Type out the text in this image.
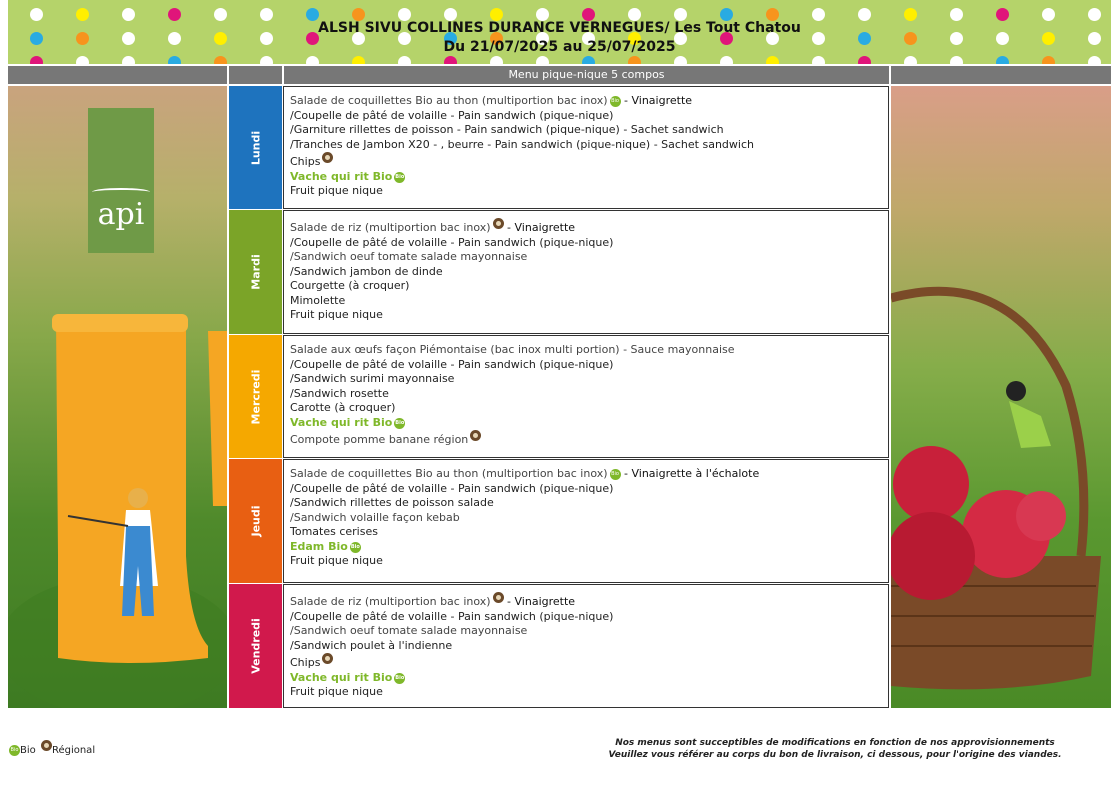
ALSH SIVU COLLINES DURANCE VERNEGUES/ Les Tout Chatou
Du 21/07/2025 au 25/07/2025
Menu pique-nique 5 compos
api
Lundi
Salade de coquillettes Bio au thon (multiportion bac inox) Bio - Vinaigrette
/Coupelle de pâté de volaille - Pain sandwich (pique-nique)
/Garniture rillettes de poisson - Pain sandwich (pique-nique) - Sachet sandwich
/Tranches de Jambon X20 - , beurre - Pain sandwich (pique-nique) - Sachet sandwich
Chips
Vache qui rit Bio Bio
Fruit pique nique
Mardi
Salade de riz (multiportion bac inox) - Vinaigrette
/Coupelle de pâté de volaille - Pain sandwich (pique-nique)
/Sandwich oeuf tomate salade mayonnaise
/Sandwich jambon de dinde
Courgette (à croquer)
Mimolette
Fruit pique nique
Mercredi
Salade aux œufs façon Piémontaise (bac inox multi portion) - Sauce mayonnaise
/Coupelle de pâté de volaille - Pain sandwich (pique-nique)
/Sandwich surimi mayonnaise
/Sandwich rosette
Carotte (à croquer)
Vache qui rit Bio Bio
Compote pomme banane région
Jeudi
Salade de coquillettes Bio au thon (multiportion bac inox) Bio - Vinaigrette à l'échalote
/Coupelle de pâté de volaille - Pain sandwich (pique-nique)
/Sandwich rillettes de poisson salade
/Sandwich volaille façon kebab
Tomates cerises
Edam Bio Bio
Fruit pique nique
Vendredi
Salade de riz (multiportion bac inox) - Vinaigrette
/Coupelle de pâté de volaille - Pain sandwich (pique-nique)
/Sandwich oeuf tomate salade mayonnaise
/Sandwich poulet à l'indienne
Chips
Vache qui rit Bio Bio
Fruit pique nique
Bio Bio Régional
Nos menus sont succeptibles de modifications en fonction de nos approvisionnements
Veuillez vous référer au corps du bon de livraison, ci dessous, pour l'origine des viandes.
